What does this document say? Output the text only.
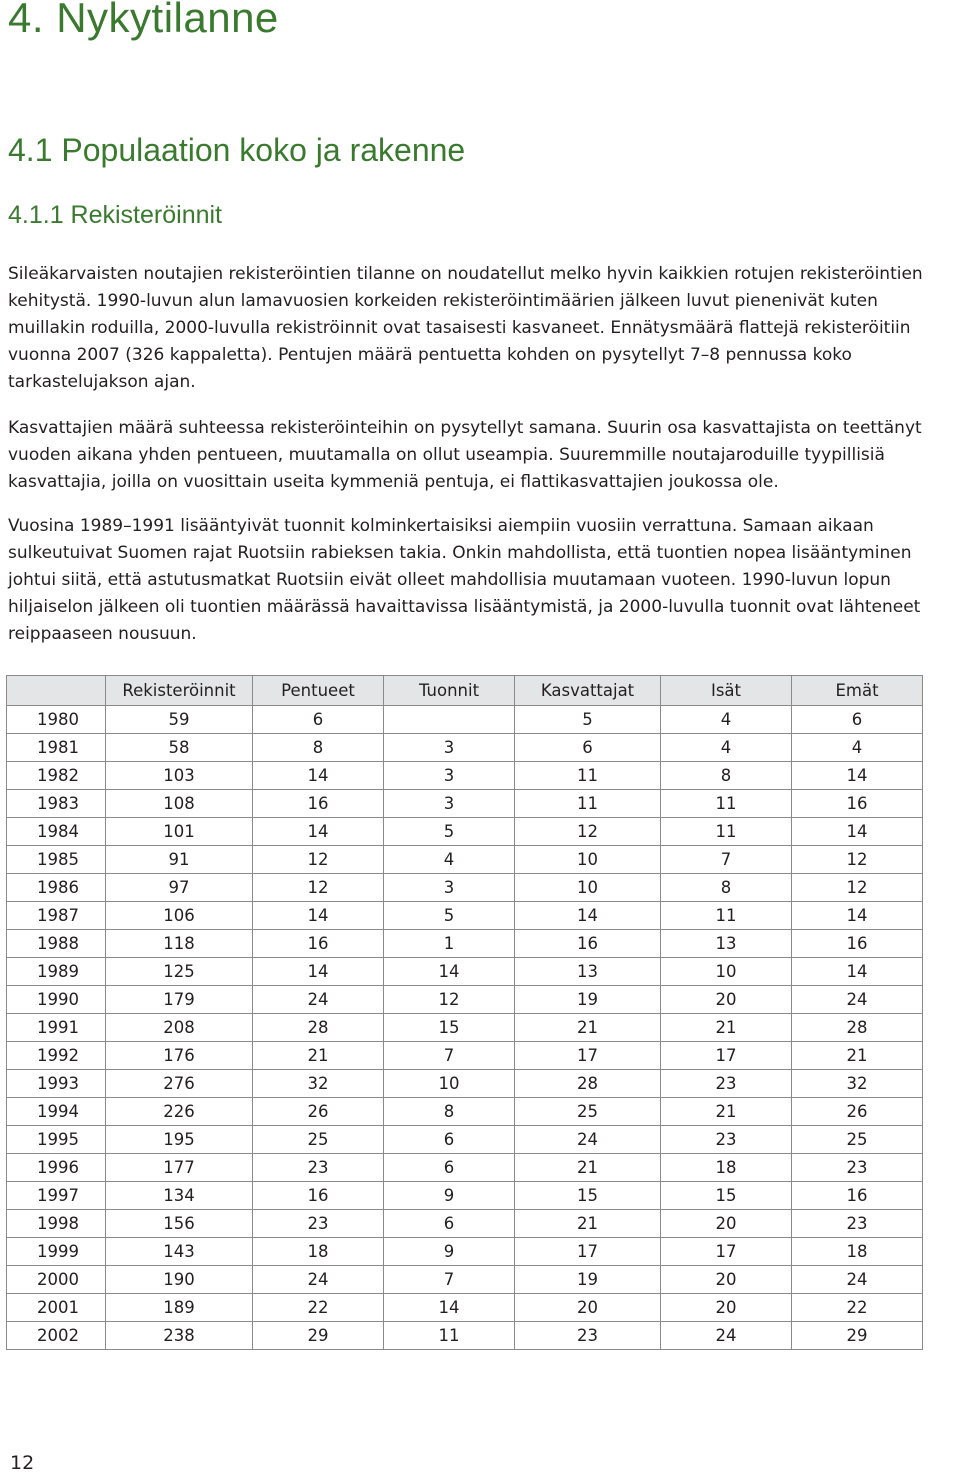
4. Nykytilanne
4.1 Populaation koko ja rakenne
4.1.1 Rekisteröinnit

Sileäkarvaisten noutajien rekisteröintien tilanne on noudatellut melko hyvin kaikkien rotujen rekisteröintien kehitystä. 1990-luvun alun lamavuosien korkeiden rekisteröintimäärien jälkeen luvut pienenivät kuten muillakin roduilla, 2000-luvulla rekiströinnit ovat tasaisesti kasvaneet. Ennätysmäärä flattejä rekisteröitiin vuonna 2007 (326 kappaletta). Pentujen määrä pentuetta kohden on pysytellyt 7–8 pennussa koko tarkastelujakson ajan.

Kasvattajien määrä suhteessa rekisteröinteihin on pysytellyt samana. Suurin osa kasvattajista on teettänyt vuoden aikana yhden pentueen, muutamalla on ollut useampia. Suuremmille noutajaroduille tyypillisiä kasvattajia, joilla on vuosittain useita kymmeniä pentuja, ei flattikasvattajien joukossa ole.

Vuosina 1989–1991 lisääntyivät tuonnit kolminkertaisiksi aiempiin vuosiin verrattuna. Samaan aikaan sulkeutuivat Suomen rajat Ruotsiin rabieksen takia. Onkin mahdollista, että tuontien nopea lisääntyminen johtui siitä, että astutusmatkat Ruotsiin eivät olleet mahdollisia muutamaan vuoteen. 1990-luvun lopun hiljaiselon jälkeen oli tuontien määrässä havaittavissa lisääntymistä, ja 2000-luvulla tuonnit ovat lähteneet reippaaseen nousuun.

	Rekisteröinnit	Pentueet	Tuonnit	Kasvattajat	Isät	Emät
1980	59	6		5	4	6
1981	58	8	3	6	4	4
1982	103	14	3	11	8	14
1983	108	16	3	11	11	16
1984	101	14	5	12	11	14
1985	91	12	4	10	7	12
1986	97	12	3	10	8	12
1987	106	14	5	14	11	14
1988	118	16	1	16	13	16
1989	125	14	14	13	10	14
1990	179	24	12	19	20	24
1991	208	28	15	21	21	28
1992	176	21	7	17	17	21
1993	276	32	10	28	23	32
1994	226	26	8	25	21	26
1995	195	25	6	24	23	25
1996	177	23	6	21	18	23
1997	134	16	9	15	15	16
1998	156	23	6	21	20	23
1999	143	18	9	17	17	18
2000	190	24	7	19	20	24
2001	189	22	14	20	20	22
2002	238	29	11	23	24	29
12
